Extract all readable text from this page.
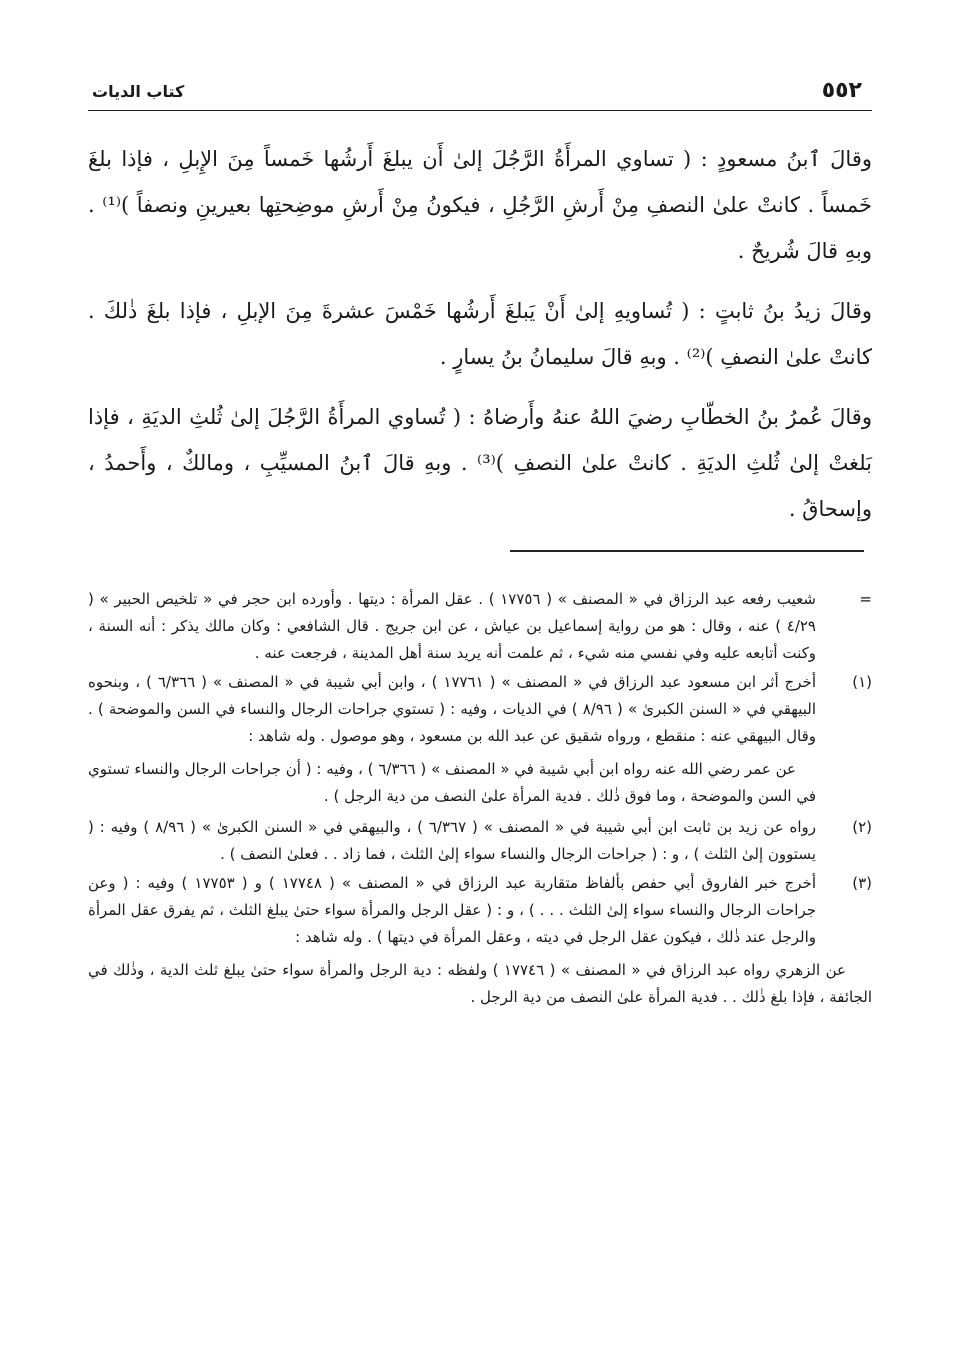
٥٥٢
كتاب الديات

وقالَ ٱبنُ مسعودٍ : ( تساوي المرأَةُ الرَّجُلَ إلىٰ أَن يبلغَ أَرشُها خَمساً مِنَ الإِبلِ ، فإذا بلغَ خَمساً . كانتْ علىٰ النصفِ مِنْ أَرشِ الرَّجُلِ ، فيكونُ مِنْ أَرشِ موضِحتِها بعيرينِ ونصفاً )⁽¹⁾ . وبهِ قالَ شُريحٌ .

وقالَ زيدُ بنُ ثابتٍ : ( تُساويهِ إلىٰ أَنْ يَبلغَ أَرشُها خَمْسَ عشرةَ مِنَ الإبلِ ، فإذا بلغَ ذٰلكَ . كانتْ علىٰ النصفِ )⁽²⁾ . وبهِ قالَ سليمانُ بنُ يسارٍ .

وقالَ عُمرُ بنُ الخطّابِ رضيَ اللهُ عنهُ وأَرضاهُ : ( تُساوي المرأَةُ الرَّجُلَ إلىٰ ثُلثِ الديَةِ ، فإذا بَلغتْ إلىٰ ثُلثِ الديَةِ . كانتْ علىٰ النصفِ )⁽³⁾ . وبهِ قالَ ٱبنُ المسيِّبِ ، ومالكٌ ، وأَحمدُ ، وإسحاقُ .

=
شعيب رفعه عبد الرزاق في « المصنف » ( ١٧٧٥٦ ) . عقل المرأة : ديتها . وأورده ابن حجر في « تلخيص الحبير » ( ٤/٢٩ ) عنه ، وقال : هو من رواية إسماعيل بن عياش ، عن ابن جريج . قال الشافعي : وكان مالك يذكر : أنه السنة ، وكنت أتابعه عليه وفي نفسي منه شيء ، ثم علمت أنه يريد سنة أهل المدينة ، فرجعت عنه .
(١)
أخرج أثر ابن مسعود عبد الرزاق في « المصنف » ( ١٧٧٦١ ) ، وابن أبي شيبة في « المصنف » ( ٦/٣٦٦ ) ، وبنحوه البيهقي في « السنن الكبرىٰ » ( ٨/٩٦ ) في الديات ، وفيه : ( تستوي جراحات الرجال والنساء في السن والموضحة ) . وقال البيهقي عنه : منقطع ، ورواه شقيق عن عبد الله بن مسعود ، وهو موصول . وله شاهد :
عن عمر رضي الله عنه رواه ابن أبي شيبة في « المصنف » ( ٦/٣٦٦ ) ، وفيه : ( أن جراحات الرجال والنساء تستوي في السن والموضحة ، وما فوق ذٰلك . فدية المرأة علىٰ النصف من دية الرجل ) .
(٢)
رواه عن زيد بن ثابت ابن أبي شيبة في « المصنف » ( ٦/٣٦٧ ) ، والبيهقي في « السنن الكبرىٰ » ( ٨/٩٦ ) وفيه : ( يستوون إلىٰ الثلث ) ، و : ( جراحات الرجال والنساء سواء إلىٰ الثلث ، فما زاد . . فعلىٰ النصف ) .
(٣)
أخرج خبر الفاروق أبي حفص بألفاظ متقاربة عبد الرزاق في « المصنف » ( ١٧٧٤٨ ) و ( ١٧٧٥٣ ) وفيه : ( وعن جراحات الرجال والنساء سواء إلىٰ الثلث . . . ) ، و : ( عقل الرجل والمرأة سواء حتىٰ يبلغ الثلث ، ثم يفرق عقل المرأة والرجل عند ذٰلك ، فيكون عقل الرجل في ديته ، وعقل المرأة في ديتها ) . وله شاهد :
عن الزهري رواه عبد الرزاق في « المصنف » ( ١٧٧٤٦ ) ولفظه : دية الرجل والمرأة سواء حتىٰ يبلغ ثلث الدية ، وذٰلك في الجائفة ، فإذا بلغ ذٰلك . . فدية المرأة علىٰ النصف من دية الرجل .
